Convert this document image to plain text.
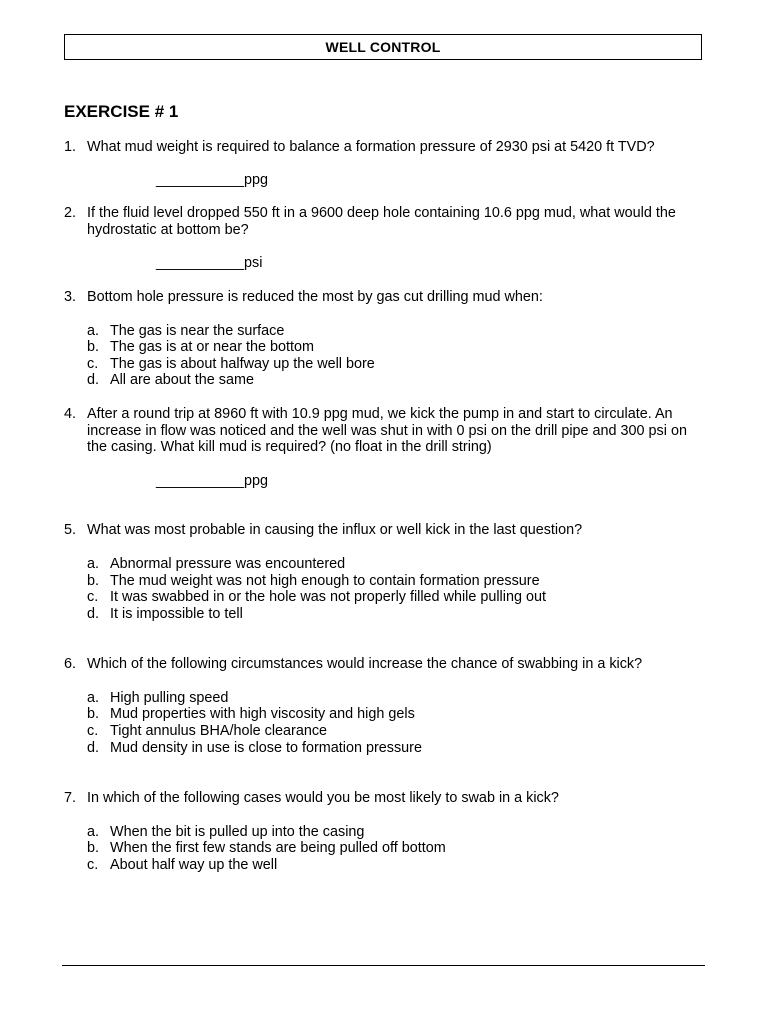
WELL CONTROL
EXERCISE # 1
1. What mud weight is required to balance a formation pressure of 2930 psi at 5420 ft TVD?
___________ppg
2. If the fluid level dropped 550 ft in a 9600 deep hole containing 10.6 ppg mud, what would the hydrostatic at bottom be?
___________psi
3. Bottom hole pressure is reduced the most by gas cut drilling mud when:
a. The gas is near the surface
b. The gas is at or near the bottom
c. The gas is about halfway up the well bore
d. All are about the same
4. After a round trip at 8960 ft with 10.9 ppg mud, we kick the pump in and start to circulate. An increase in flow was noticed and the well was shut in with 0 psi on the drill pipe and 300 psi on the casing. What kill mud is required? (no float in the drill string)
___________ppg
5. What was most probable in causing the influx or well kick in the last question?
a. Abnormal pressure was encountered
b. The mud weight was not high enough to contain formation pressure
c. It was swabbed in or the hole was not properly filled while pulling out
d. It is impossible to tell
6. Which of the following circumstances would increase the chance of swabbing in a kick?
a. High pulling speed
b. Mud properties with high viscosity and high gels
c. Tight annulus BHA/hole clearance
d. Mud density in use is close to formation pressure
7. In which of the following cases would you be most likely to swab in a kick?
a. When the bit is pulled up into the casing
b. When the first few stands are being pulled off bottom
c. About half way up the well
